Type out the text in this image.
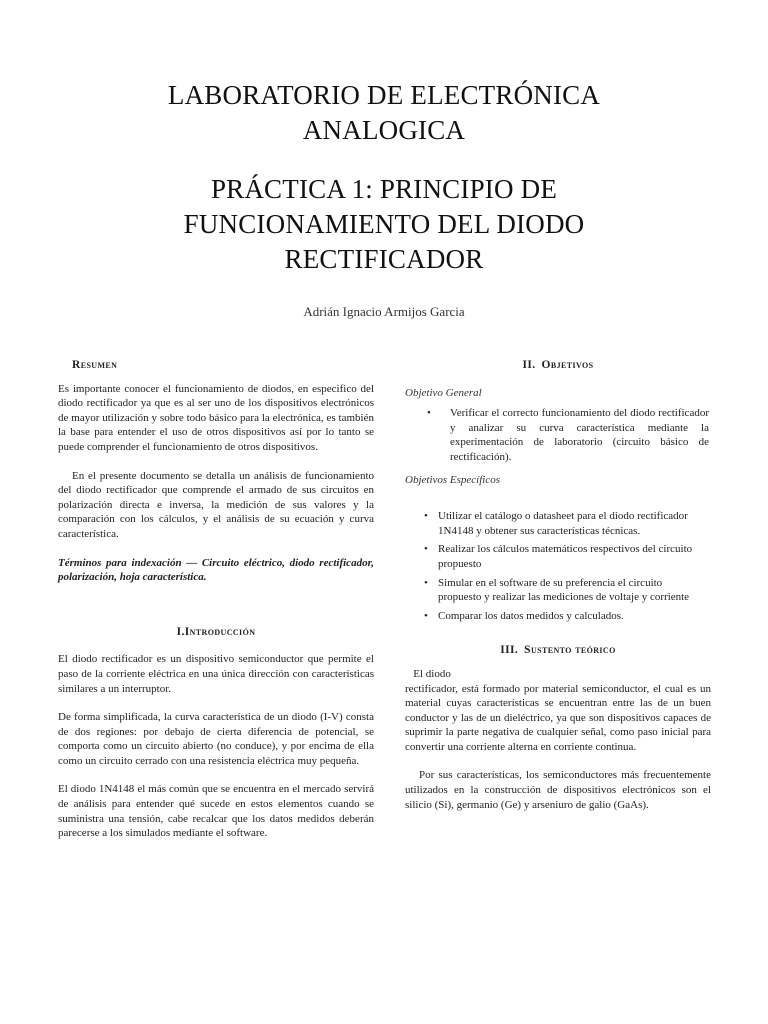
LABORATORIO DE ELECTRÓNICA
ANALOGICA
PRÁCTICA 1: PRINCIPIO DE
FUNCIONAMIENTO DEL DIODO
RECTIFICADOR
Adrián Ignacio Armijos Garcia
Resumen

Es importante conocer el funcionamiento de diodos, en especifico del diodo rectificador ya que es al ser uno de los dispositivos electrónicos de mayor utilización y sobre todo básico para la electrónica, es también la base para entender el uso de otros dispositivos así por lo tanto se puede comprender el funcionamiento de otros dispositivos.

En el presente documento se detalla un análisis de funcionamiento del diodo rectificador que comprende el armado de sus circuitos en polarización directa e inversa, la medición de sus valores y la comparación con los cálculos, y el análisis de su ecuación y curva característica.

Términos para indexación — Circuito eléctrico, diodo rectificador, polarización, hoja característica.

I.Introducción

El diodo rectificador es un dispositivo semiconductor que permite el paso de la corriente eléctrica en una única dirección con características similares a un interruptor.

De forma simplificada, la curva característica de un diodo (I-V) consta de dos regiones: por debajo de cierta diferencia de potencial, se comporta como un circuito abierto (no conduce), y por encima de ella como un circuito cerrado con una resistencia eléctrica muy pequeña.

El diodo 1N4148 el más común que se encuentra en el mercado servirá de análisis para entender qué sucede en estos elementos cuando se suministra una tensión, cabe recalcar que los datos medidos deberán parecerse a los simulados mediante el software.

II. Objetivos
Objetivo General
• Verificar el correcto funcionamiento del diodo rectificador y analizar su curva característica mediante la experimentación de laboratorio (circuito básico de rectificación).
Objetivos Específicos
• Utilizar el catálogo o datasheet para el diodo rectificador 1N4148 y obtener sus características técnicas.
• Realizar los cálculos matemáticos respectivos del circuito propuesto
• Simular en el software de su preferencia el circuito propuesto y realizar las mediciones de voltaje y corriente
• Comparar los datos medidos y calculados.
III. Sustento teórico

El diodo

rectificador, está formado por material semiconductor, el cual es un material cuyas características se encuentran entre las de un buen conductor y las de un dieléctrico, ya que son dispositivos capaces de suprimir la parte negativa de cualquier señal, como paso inicial para convertir una corriente alterna en corriente continua.

Por sus características, los semiconductores más frecuentemente utilizados en la construcción de dispositivos electrónicos son el silicio (Si), germanio (Ge) y arseniuro de galio (GaAs).
